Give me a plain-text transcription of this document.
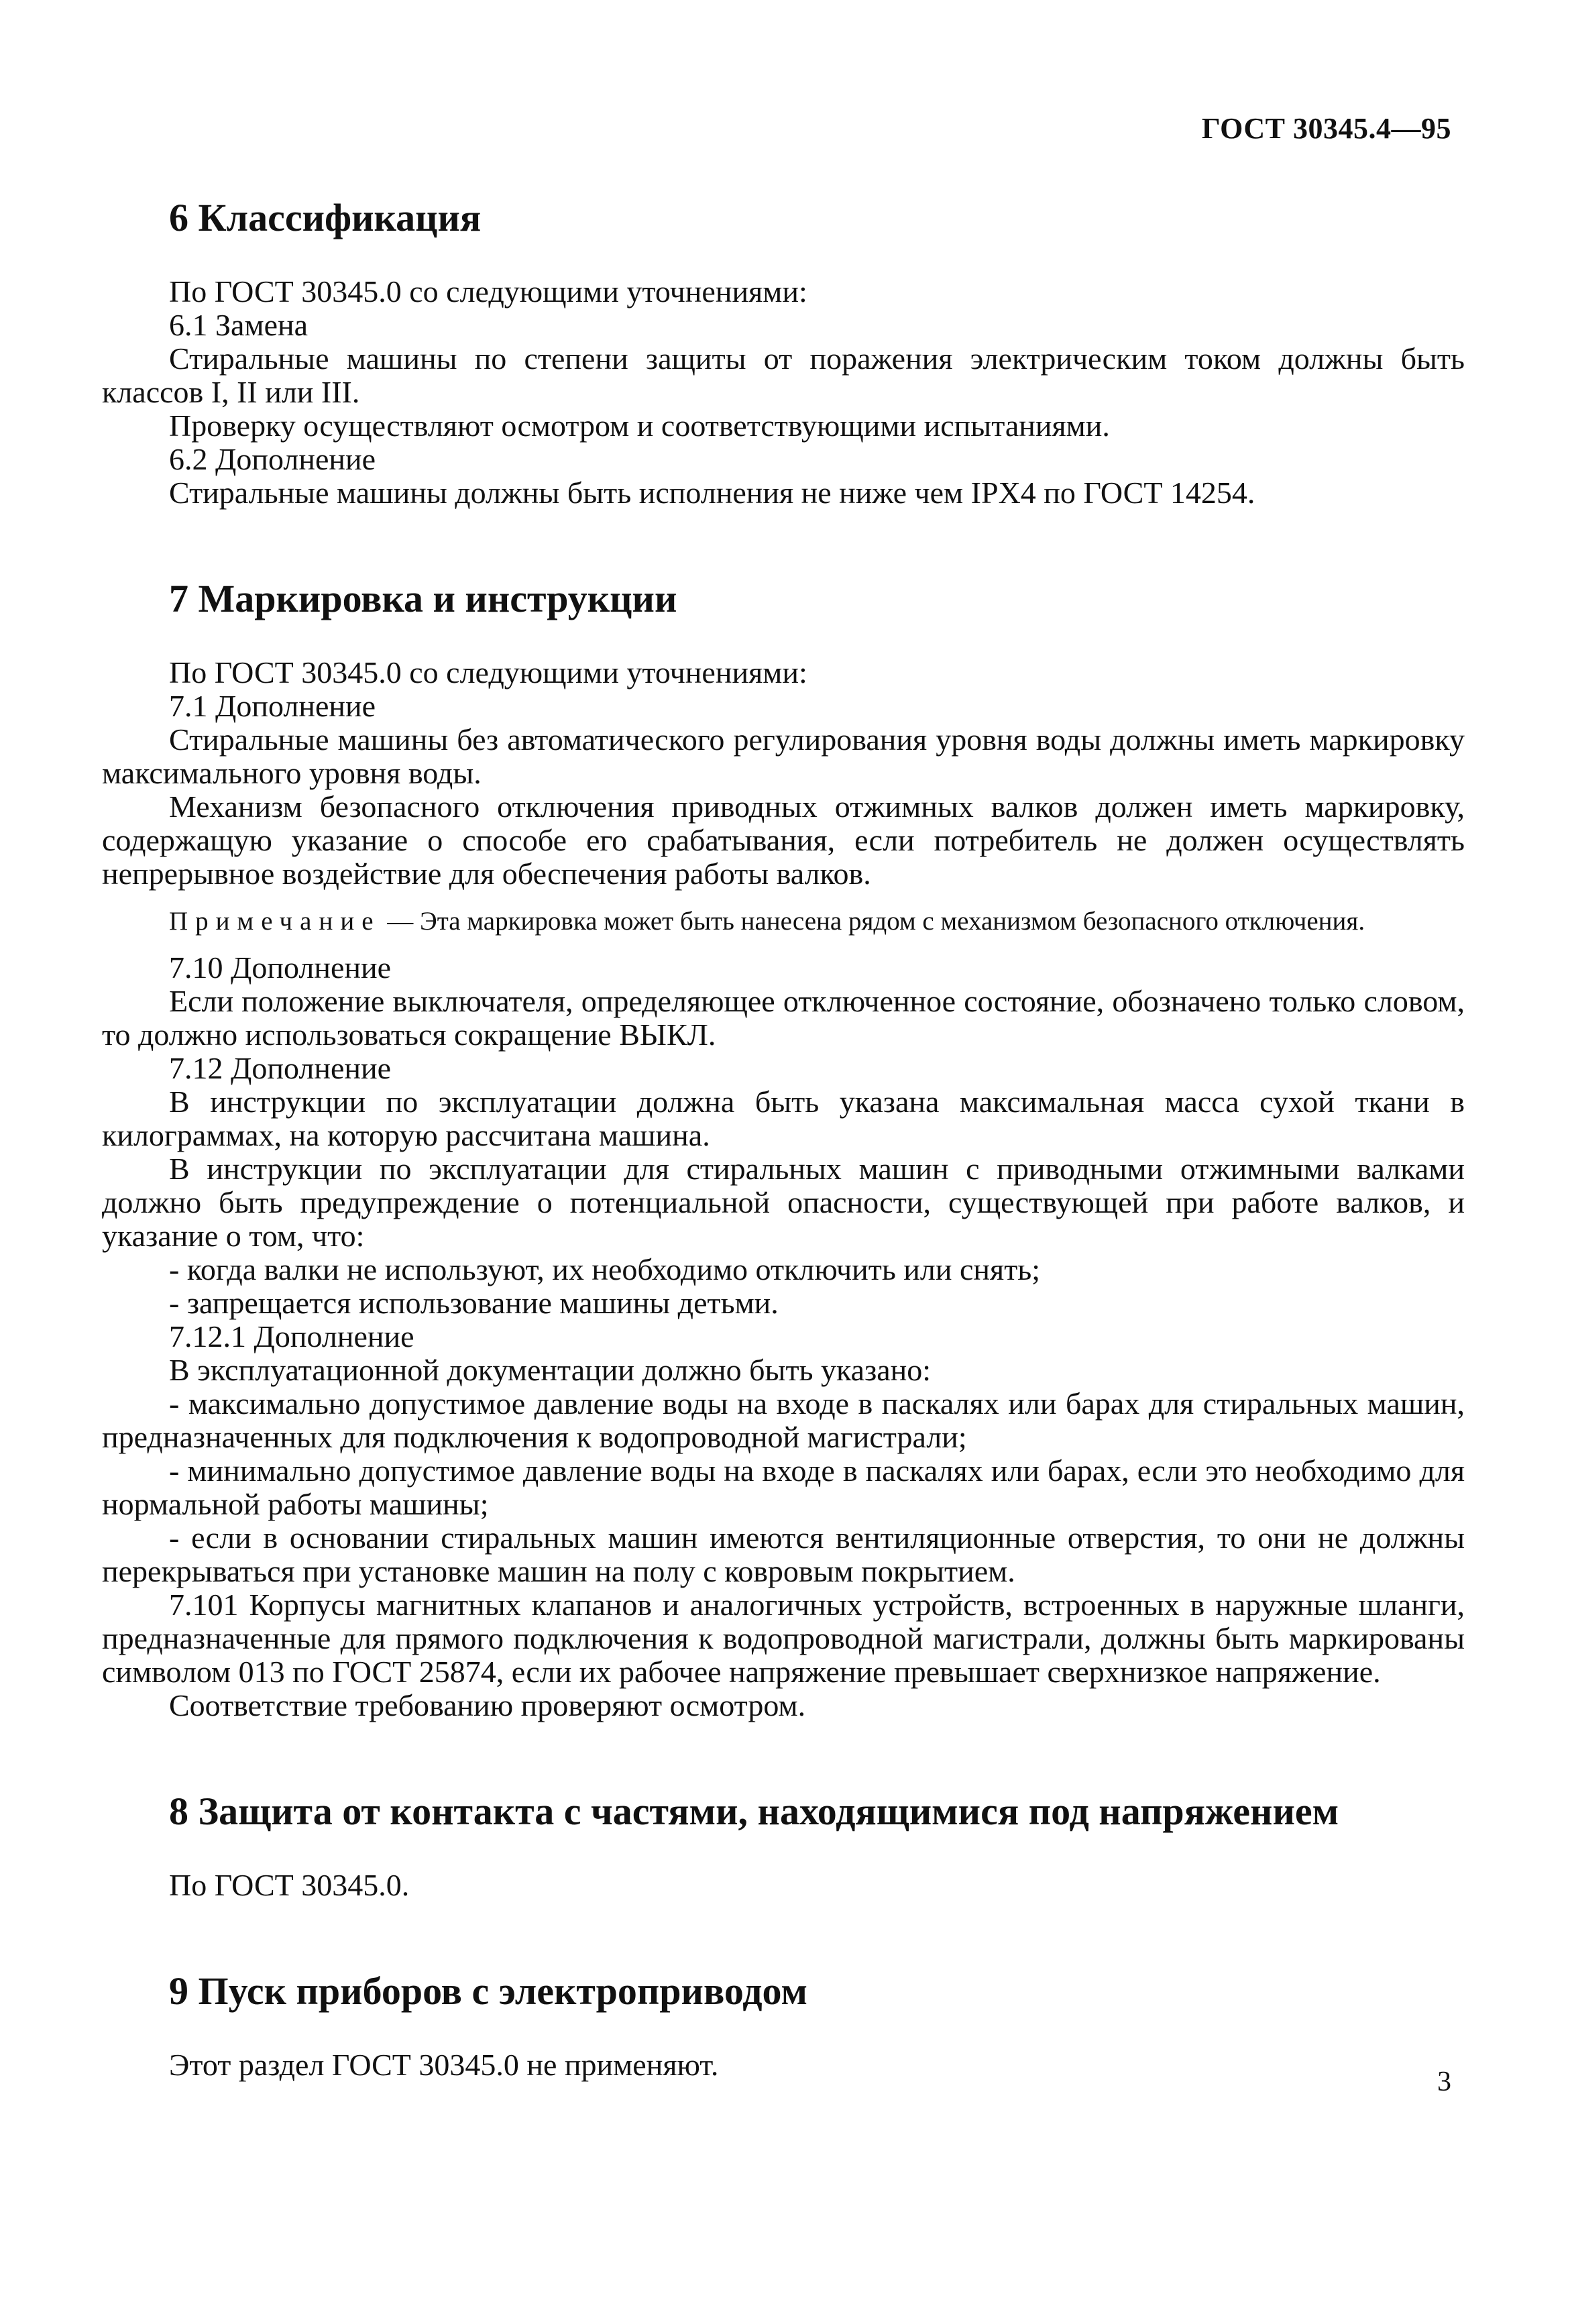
ГОСТ 30345.4—95
6 Классификация

По ГОСТ 30345.0 со следующими уточнениями:

6.1 Замена

Стиральные машины по степени защиты от поражения электрическим током должны быть классов I, II или III.

Проверку осуществляют осмотром и соответствующими испытаниями.

6.2 Дополнение

Стиральные машины должны быть исполнения не ниже чем IPX4 по ГОСТ 14254.

7 Маркировка и инструкции

По ГОСТ 30345.0 со следующими уточнениями:

7.1 Дополнение

Стиральные машины без автоматического регулирования уровня воды должны иметь маркировку максимального уровня воды.

Механизм безопасного отключения приводных отжимных валков должен иметь маркировку, содержащую указание о способе его срабатывания, если потребитель не должен осуществлять непрерывное воздействие для обеспечения работы валков.

Примечание — Эта маркировка может быть нанесена рядом с механизмом безопасного отключения.

7.10 Дополнение

Если положение выключателя, определяющее отключенное состояние, обозначено только словом, то должно использоваться сокращение ВЫКЛ.

7.12 Дополнение

В инструкции по эксплуатации должна быть указана максимальная масса сухой ткани в килограммах, на которую рассчитана машина.

В инструкции по эксплуатации для стиральных машин с приводными отжимными валками должно быть предупреждение о потенциальной опасности, существующей при работе валков, и указание о том, что:

- когда валки не используют, их необходимо отключить или снять;

- запрещается использование машины детьми.

7.12.1 Дополнение

В эксплуатационной документации должно быть указано:

- максимально допустимое давление воды на входе в паскалях или барах для стиральных машин, предназначенных для подключения к водопроводной магистрали;

- минимально допустимое давление воды на входе в паскалях или барах, если это необходимо для нормальной работы машины;

- если в основании стиральных машин имеются вентиляционные отверстия, то они не должны перекрываться при установке машин на полу с ковровым покрытием.

7.101 Корпусы магнитных клапанов и аналогичных устройств, встроенных в наружные шланги, предназначенные для прямого подключения к водопроводной магистрали, должны быть маркированы символом 013 по ГОСТ 25874, если их рабочее напряжение превышает сверхнизкое напряжение.

Соответствие требованию проверяют осмотром.

8 Защита от контакта с частями, находящимися под напряжением

По ГОСТ 30345.0.

9 Пуск приборов с электроприводом

Этот раздел ГОСТ 30345.0 не применяют.	3
